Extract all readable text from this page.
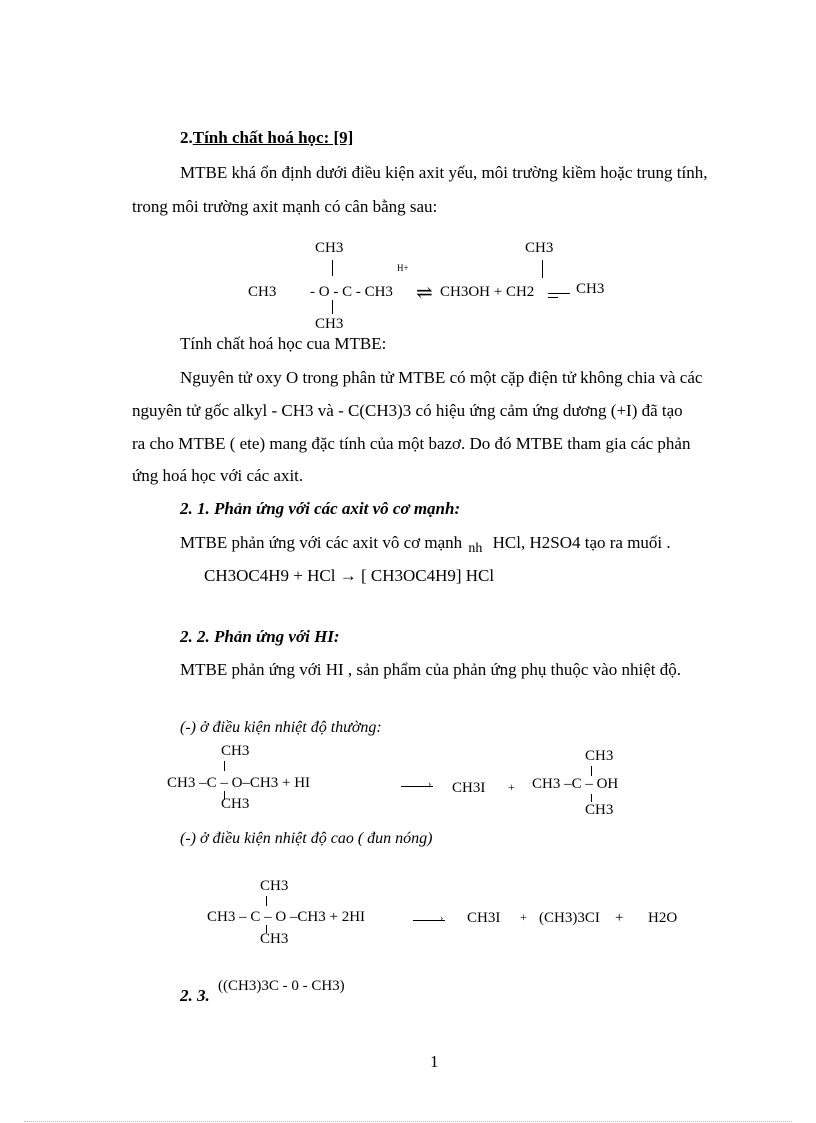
2.Tính chất hoá học: [9]
MTBE khá ổn định dưới điều kiện axit yếu, môi trường kiềm hoặc trung tính,
trong môi trường axit mạnh có cân bằng sau:
CH3
CH3 - O - C - CH3
H+
⇌ CH3OH + CH2	CH3
CH3
CH3
Tính chất hoá học cua MTBE:
Nguyên tử oxy O trong phân tử MTBE có một cặp điện tử không chia và các
nguyên tử gốc alkyl - CH3 và - C(CH3)3 có hiệu ứng cảm ứng dương (+I) đã tạo
ra cho MTBE ( ete) mang đặc tính của một bazơ. Do đó MTBE tham gia các phản
ứng hoá học với các axit.
2. 1. Phản ứng với các axit vô cơ mạnh:
MTBE phản ứng với các axit vô cơ mạnh $_{nh}$ HCl, H2SO4 tạo ra muối .
CH3OC4H9 + HCl → [ CH3OC4H9] HCl
2. 2. Phản ứng với HI:
MTBE phản ứng với HI , sản phẩm của phản ứng phụ thuộc vào nhiệt độ.
(-) ở điều kiện nhiệt độ thường:
CH3
CH3 –C – O–CH3 + HI	›
CH3
CH3I +
CH3
CH3 –C – OH
CH3
(-) ở điều kiện nhiệt độ cao ( đun nóng)
CH3
CH3 – C – O –CH3 + 2HI	›
CH3
CH3I + (CH3)3CI + H2O
2. 3. ((CH3)3C - 0 - CH3)
1
